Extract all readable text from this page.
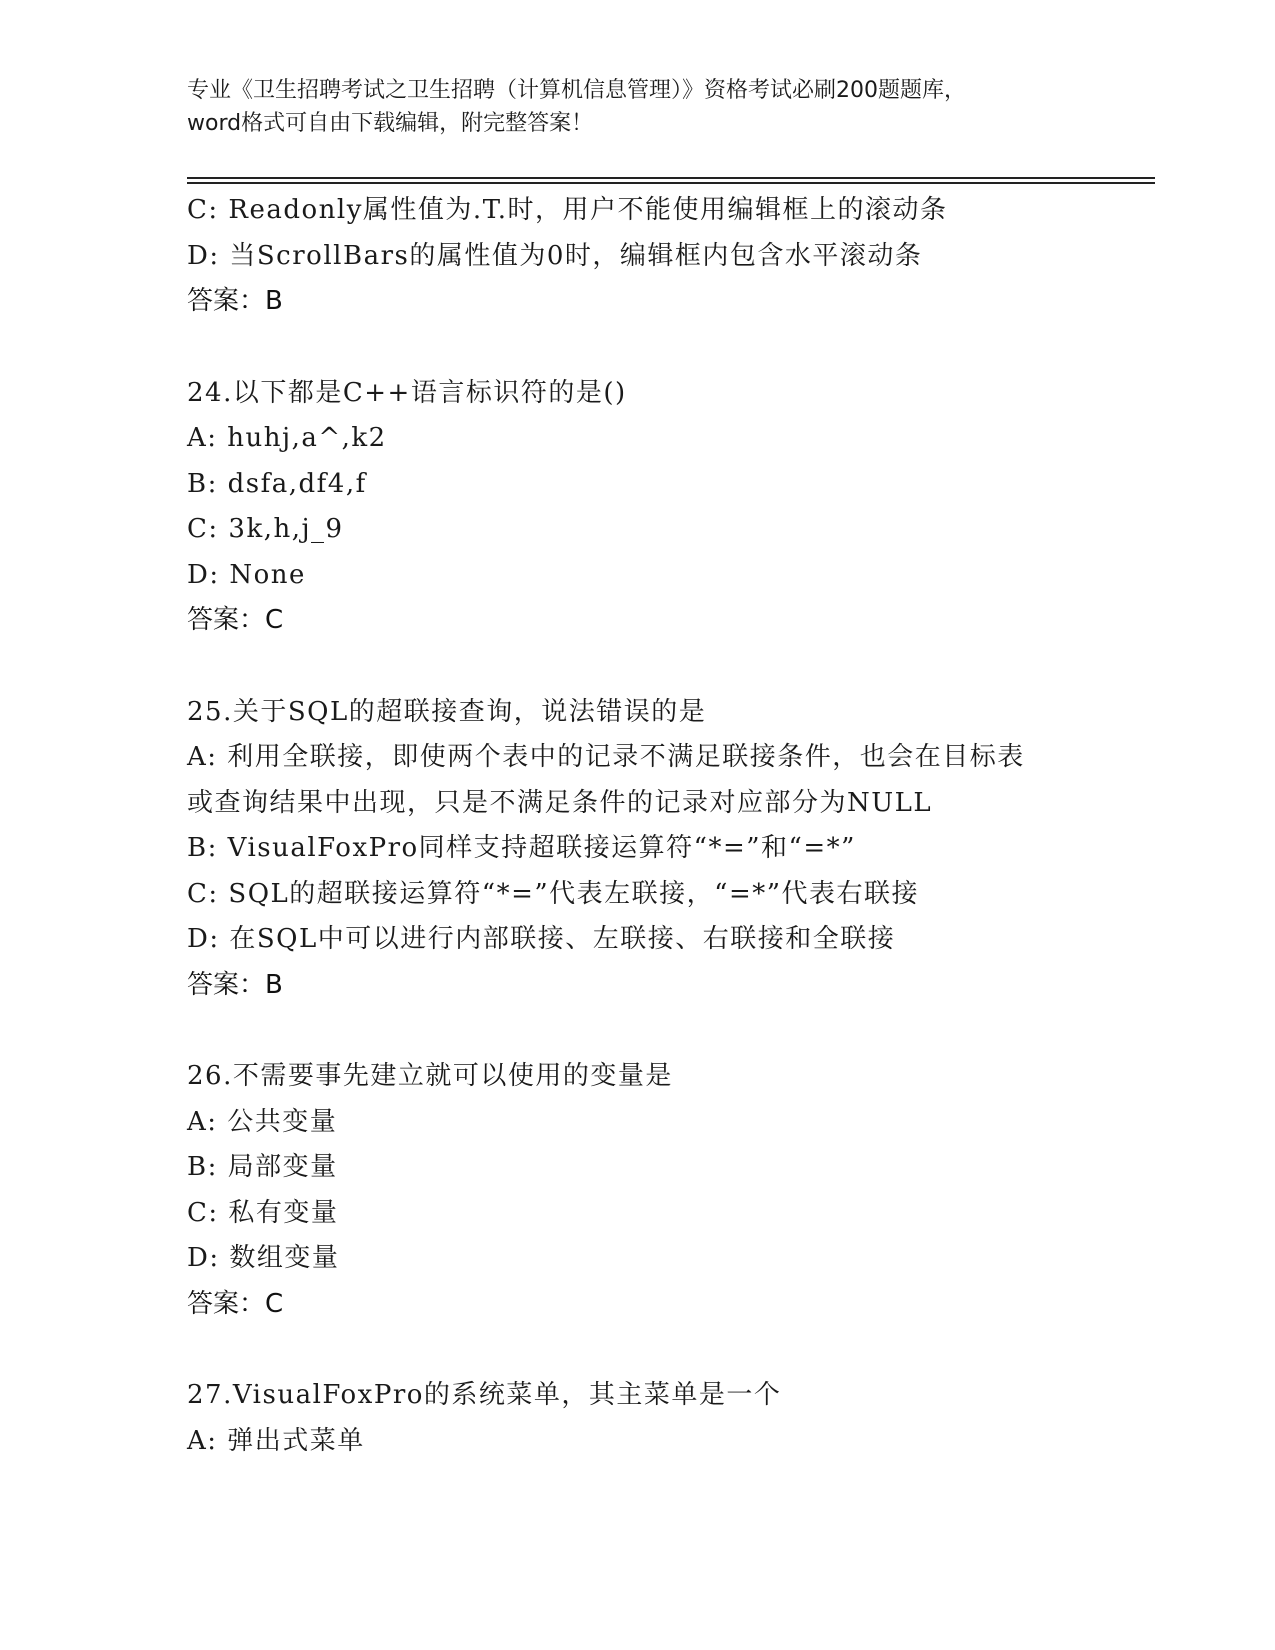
专业《卫生招聘考试之卫生招聘（计算机信息管理）》资格考试必刷200题题库，
word格式可自由下载编辑，附完整答案！
C: Readonly属性值为.T.时，用户不能使用编辑框上的滚动条
D: 当ScrollBars的属性值为0时，编辑框内包含水平滚动条
答案：B
24.以下都是C++语言标识符的是()
A: huhj,a^,k2
B: dsfa,df4,f
C: 3k,h,j_9
D: None
答案：C
25.关于SQL的超联接查询，说法错误的是
A: 利用全联接，即使两个表中的记录不满足联接条件，也会在目标表
或查询结果中出现，只是不满足条件的记录对应部分为NULL
B: VisualFoxPro同样支持超联接运算符“*=”和“=*”
C: SQL的超联接运算符“*=”代表左联接，“=*”代表右联接
D: 在SQL中可以进行内部联接、左联接、右联接和全联接
答案：B
26.不需要事先建立就可以使用的变量是
A: 公共变量
B: 局部变量
C: 私有变量
D: 数组变量
答案：C
27.VisualFoxPro的系统菜单，其主菜单是一个
A: 弹出式菜单
